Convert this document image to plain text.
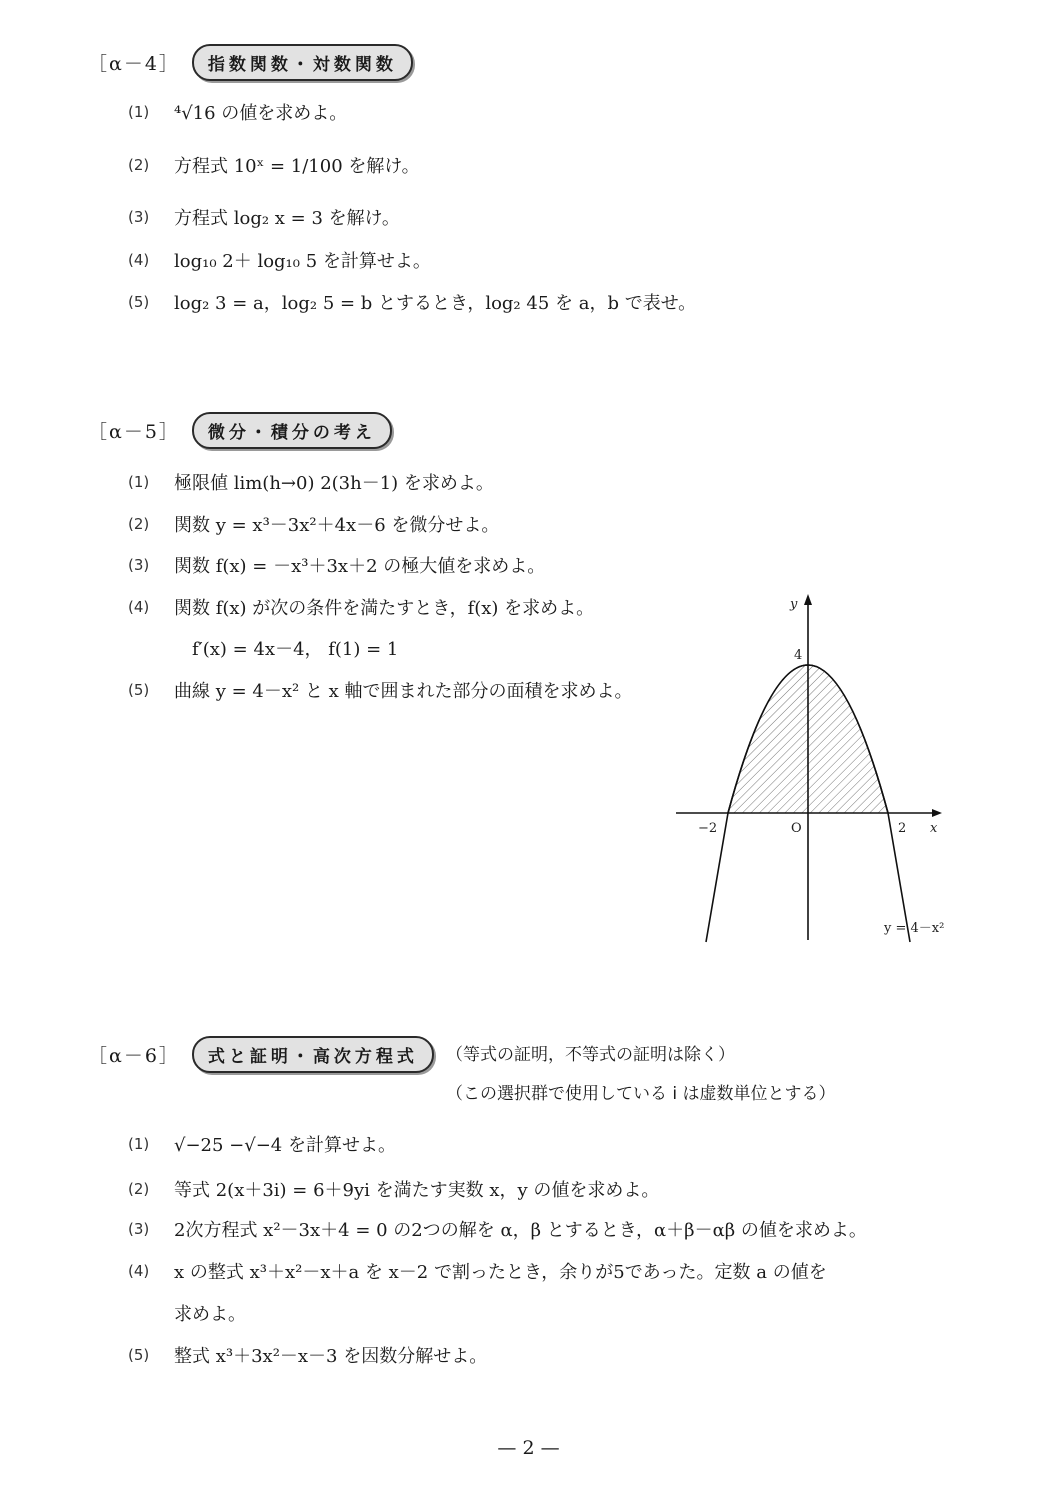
［α－4］	指数関数・対数関数
(1)	⁴√16 の値を求めよ。
(2)	方程式 10ˣ = 1/100 を解け。
(3)	方程式 log₂ x = 3 を解け。
(4)	log₁₀ 2＋ log₁₀ 5 を計算せよ。
(5)	log₂ 3 = a，log₂ 5 = b とするとき，log₂ 45 を a，b で表せ。
［α－5］	微分・積分の考え
(1)	極限値 lim(h→0) 2(3h－1) を求めよ。
(2)	関数 y = x³－3x²＋4x－6 を微分せよ。
(3)	関数 f(x) = －x³＋3x＋2 の極大値を求めよ。
(4)	関数 f(x) が次の条件を満たすとき，f(x) を求めよ。
f′(x) = 4x－4， f(1) = 1
(5)	曲線 y = 4－x² と x 軸で囲まれた部分の面積を求めよ。
y
x
O
4
−2	2
y = 4－x²
［α－6］	式と証明・高次方程式	（等式の証明，不等式の証明は除く）
（この選択群で使用している i は虚数単位とする）
(1)	√−25 −√−4 を計算せよ。
(2)	等式 2(x＋3i) = 6＋9yi を満たす実数 x，y の値を求めよ。
(3)	2次方程式 x²－3x＋4 = 0 の2つの解を α，β とするとき，α＋β－αβ の値を求めよ。
(4)	x の整式 x³＋x²－x＋a を x－2 で割ったとき，余りが5であった。定数 a の値を
求めよ。
(5)	整式 x³＋3x²－x－3 を因数分解せよ。
— 2 —
